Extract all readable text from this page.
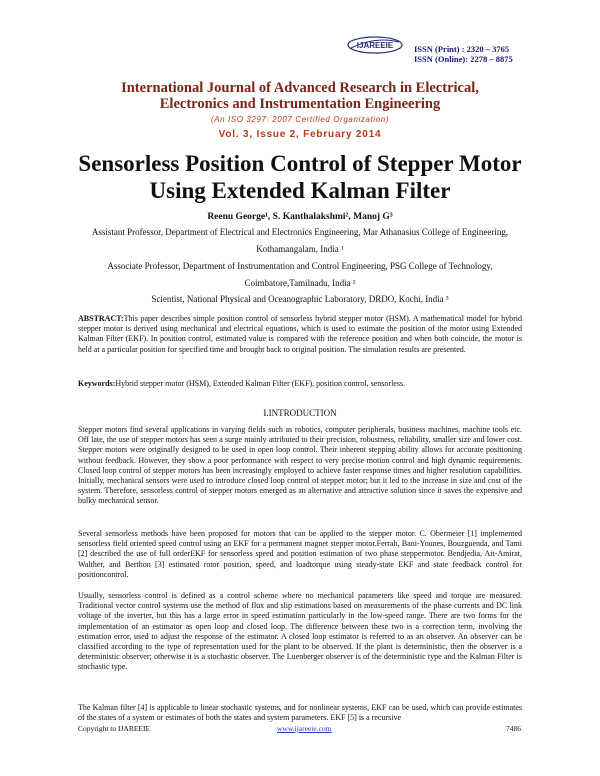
IJAREEIE ISSN (Print) : 2320 – 3765
ISSN (Online): 2278 – 8875
International Journal of Advanced Research in Electrical,
Electronics and Instrumentation Engineering
(An ISO 3297: 2007 Certified Organization)
Vol. 3, Issue 2, February 2014
Sensorless Position Control of Stepper Motor
Using Extended Kalman Filter
Reenu George¹, S. Kanthalakshmi², Manoj G³
Assistant Professor, Department of Electrical and Electronics Engineering, Mar Athanasius College of Engineering,
Kothamangalam, India ¹
Associate Professor, Department of Instrumentation and Control Engineering, PSG College of Technology,
Coimbatore,Tamilnadu, India ²
Scientist, National Physical and Oceanographic Laboratory, DRDO, Kochi, India ³
ABSTRACT:This paper describes simple position control of sensorless hybrid stepper motor (HSM). A mathematical model for hybrid stepper motor is derived using mechanical and electrical equations, which is used to estimate the position of the motor using Extended Kalman Filter (EKF). In position control, estimated value is compared with the reference position and when both coincide, the motor is held at a particular position for specified time and brought back to original position. The simulation results are presented.
Keywords:Hybrid stepper motor (HSM), Extended Kalman Filter (EKF), position control, sensorless.
I.INTRODUCTION
Stepper motors find several applications in varying fields such as robotics, computer peripherals, business machines, machine tools etc. Off late, the use of stepper motors has seen a surge mainly attributed to their precision, robustness, reliability, smaller size and lower cost. Stepper motors were originally designed to be used in open loop control. Their inherent stepping ability allows for accurate positioning without feedback. However, they show a poor performance with respect to very precise motion control and high dynamic requirements. Closed loop control of stepper motors has been increasingly employed to achieve faster response times and higher resolution capabilities. Initially, mechanical sensors were used to introduce closed loop control of stepper motor; but it led to the increase in size and cost of the system. Therefore, sensorless control of stepper motors emerged as an alternative and attractive solution since it saves the expensive and bulky mechanical sensor.
Several sensorless methods have been proposed for motors that can be applied to the stepper motor. C. Obermeier [1] implemented sensorless field oriented speed control using an EKF for a permanent magnet stepper motor.Ferrah, Bani-Younes, Bouzguenda, and Tami [2] described the use of full orderEKF for sensorless speed and position estimation of two phase steppermotor. Bendjedia, Ait-Amirat, Walther, and Berthon [3] estimated rotor position, speed, and loadtorque using steady-state EKF and state feedback control for positioncontrol.
Usually, sensorless control is defined as a control scheme where no mechanical parameters like speed and torque are measured. Traditional vector control systems use the method of flux and slip estimations based on measurements of the phase currents and DC link voltage of the inverter, but this has a large error in speed estimation particularly in the low-speed range. There are two forms for the implementation of an estimator as open loop and closed loop. The difference between these two is a correction term, involving the estimation error, used to adjust the response of the estimator. A closed loop estimator is referred to as an observer. An observer can be classified according to the type of representation used for the plant to be observed. If the plant is deterministic, then the observer is a deterministic observer; otherwise it is a stochastic observer. The Luenberger observer is of the deterministic type and the Kalman Filter is stochastic type.
The Kalman filter [4] is applicable to linear stochastic systems, and for nonlinear systems, EKF can be used, which can provide estimates of the states of a system or estimates of both the states and system parameters. EKF [5] is a recursive
Copyright to IJAREEIE	www.ijareeie.com	7486
